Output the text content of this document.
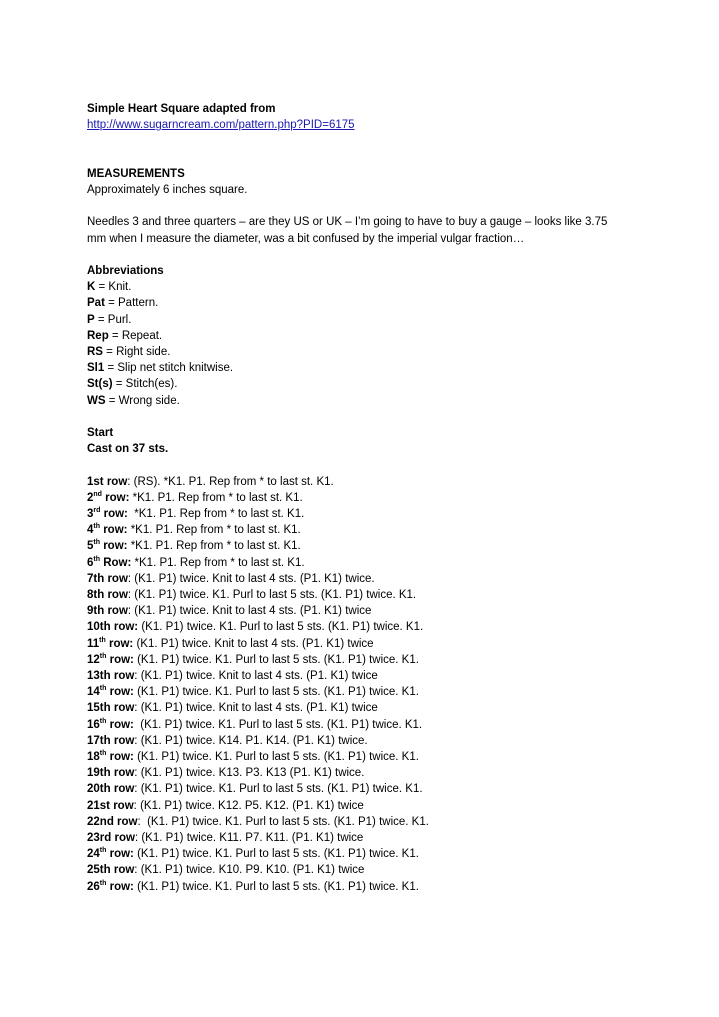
Simple Heart Square adapted from
http://www.sugarncream.com/pattern.php?PID=6175
MEASUREMENTS
Approximately 6 inches square.
Needles 3 and three quarters – are they US or UK – I’m going to have to buy a gauge – looks like 3.75
mm when I measure the diameter, was a bit confused by the imperial vulgar fraction…
Abbreviations
K = Knit.
Pat = Pattern.
P = Purl.
Rep = Repeat.
RS = Right side.
Sl1 = Slip net stitch knitwise.
St(s) = Stitch(es).
WS = Wrong side.
Start
Cast on 37 sts.
1st row: (RS). *K1. P1. Rep from * to last st. K1.
2nd row: *K1. P1. Rep from * to last st. K1.
3rd row: *K1. P1. Rep from * to last st. K1.
4th row: *K1. P1. Rep from * to last st. K1.
5th row: *K1. P1. Rep from * to last st. K1.
6th Row: *K1. P1. Rep from * to last st. K1.
7th row: (K1. P1) twice. Knit to last 4 sts. (P1. K1) twice.
8th row: (K1. P1) twice. K1. Purl to last 5 sts. (K1. P1) twice. K1.
9th row: (K1. P1) twice. Knit to last 4 sts. (P1. K1) twice
10th row: (K1. P1) twice. K1. Purl to last 5 sts. (K1. P1) twice. K1.
11th row: (K1. P1) twice. Knit to last 4 sts. (P1. K1) twice
12th row: (K1. P1) twice. K1. Purl to last 5 sts. (K1. P1) twice. K1.
13th row: (K1. P1) twice. Knit to last 4 sts. (P1. K1) twice
14th row: (K1. P1) twice. K1. Purl to last 5 sts. (K1. P1) twice. K1.
15th row: (K1. P1) twice. Knit to last 4 sts. (P1. K1) twice
16th row: (K1. P1) twice. K1. Purl to last 5 sts. (K1. P1) twice. K1.
17th row: (K1. P1) twice. K14. P1. K14. (P1. K1) twice.
18th row: (K1. P1) twice. K1. Purl to last 5 sts. (K1. P1) twice. K1.
19th row: (K1. P1) twice. K13. P3. K13 (P1. K1) twice.
20th row: (K1. P1) twice. K1. Purl to last 5 sts. (K1. P1) twice. K1.
21st row: (K1. P1) twice. K12. P5. K12. (P1. K1) twice
22nd row:  (K1. P1) twice. K1. Purl to last 5 sts. (K1. P1) twice. K1.
23rd row: (K1. P1) twice. K11. P7. K11. (P1. K1) twice
24th row: (K1. P1) twice. K1. Purl to last 5 sts. (K1. P1) twice. K1.
25th row: (K1. P1) twice. K10. P9. K10. (P1. K1) twice
26th row: (K1. P1) twice. K1. Purl to last 5 sts. (K1. P1) twice. K1.
